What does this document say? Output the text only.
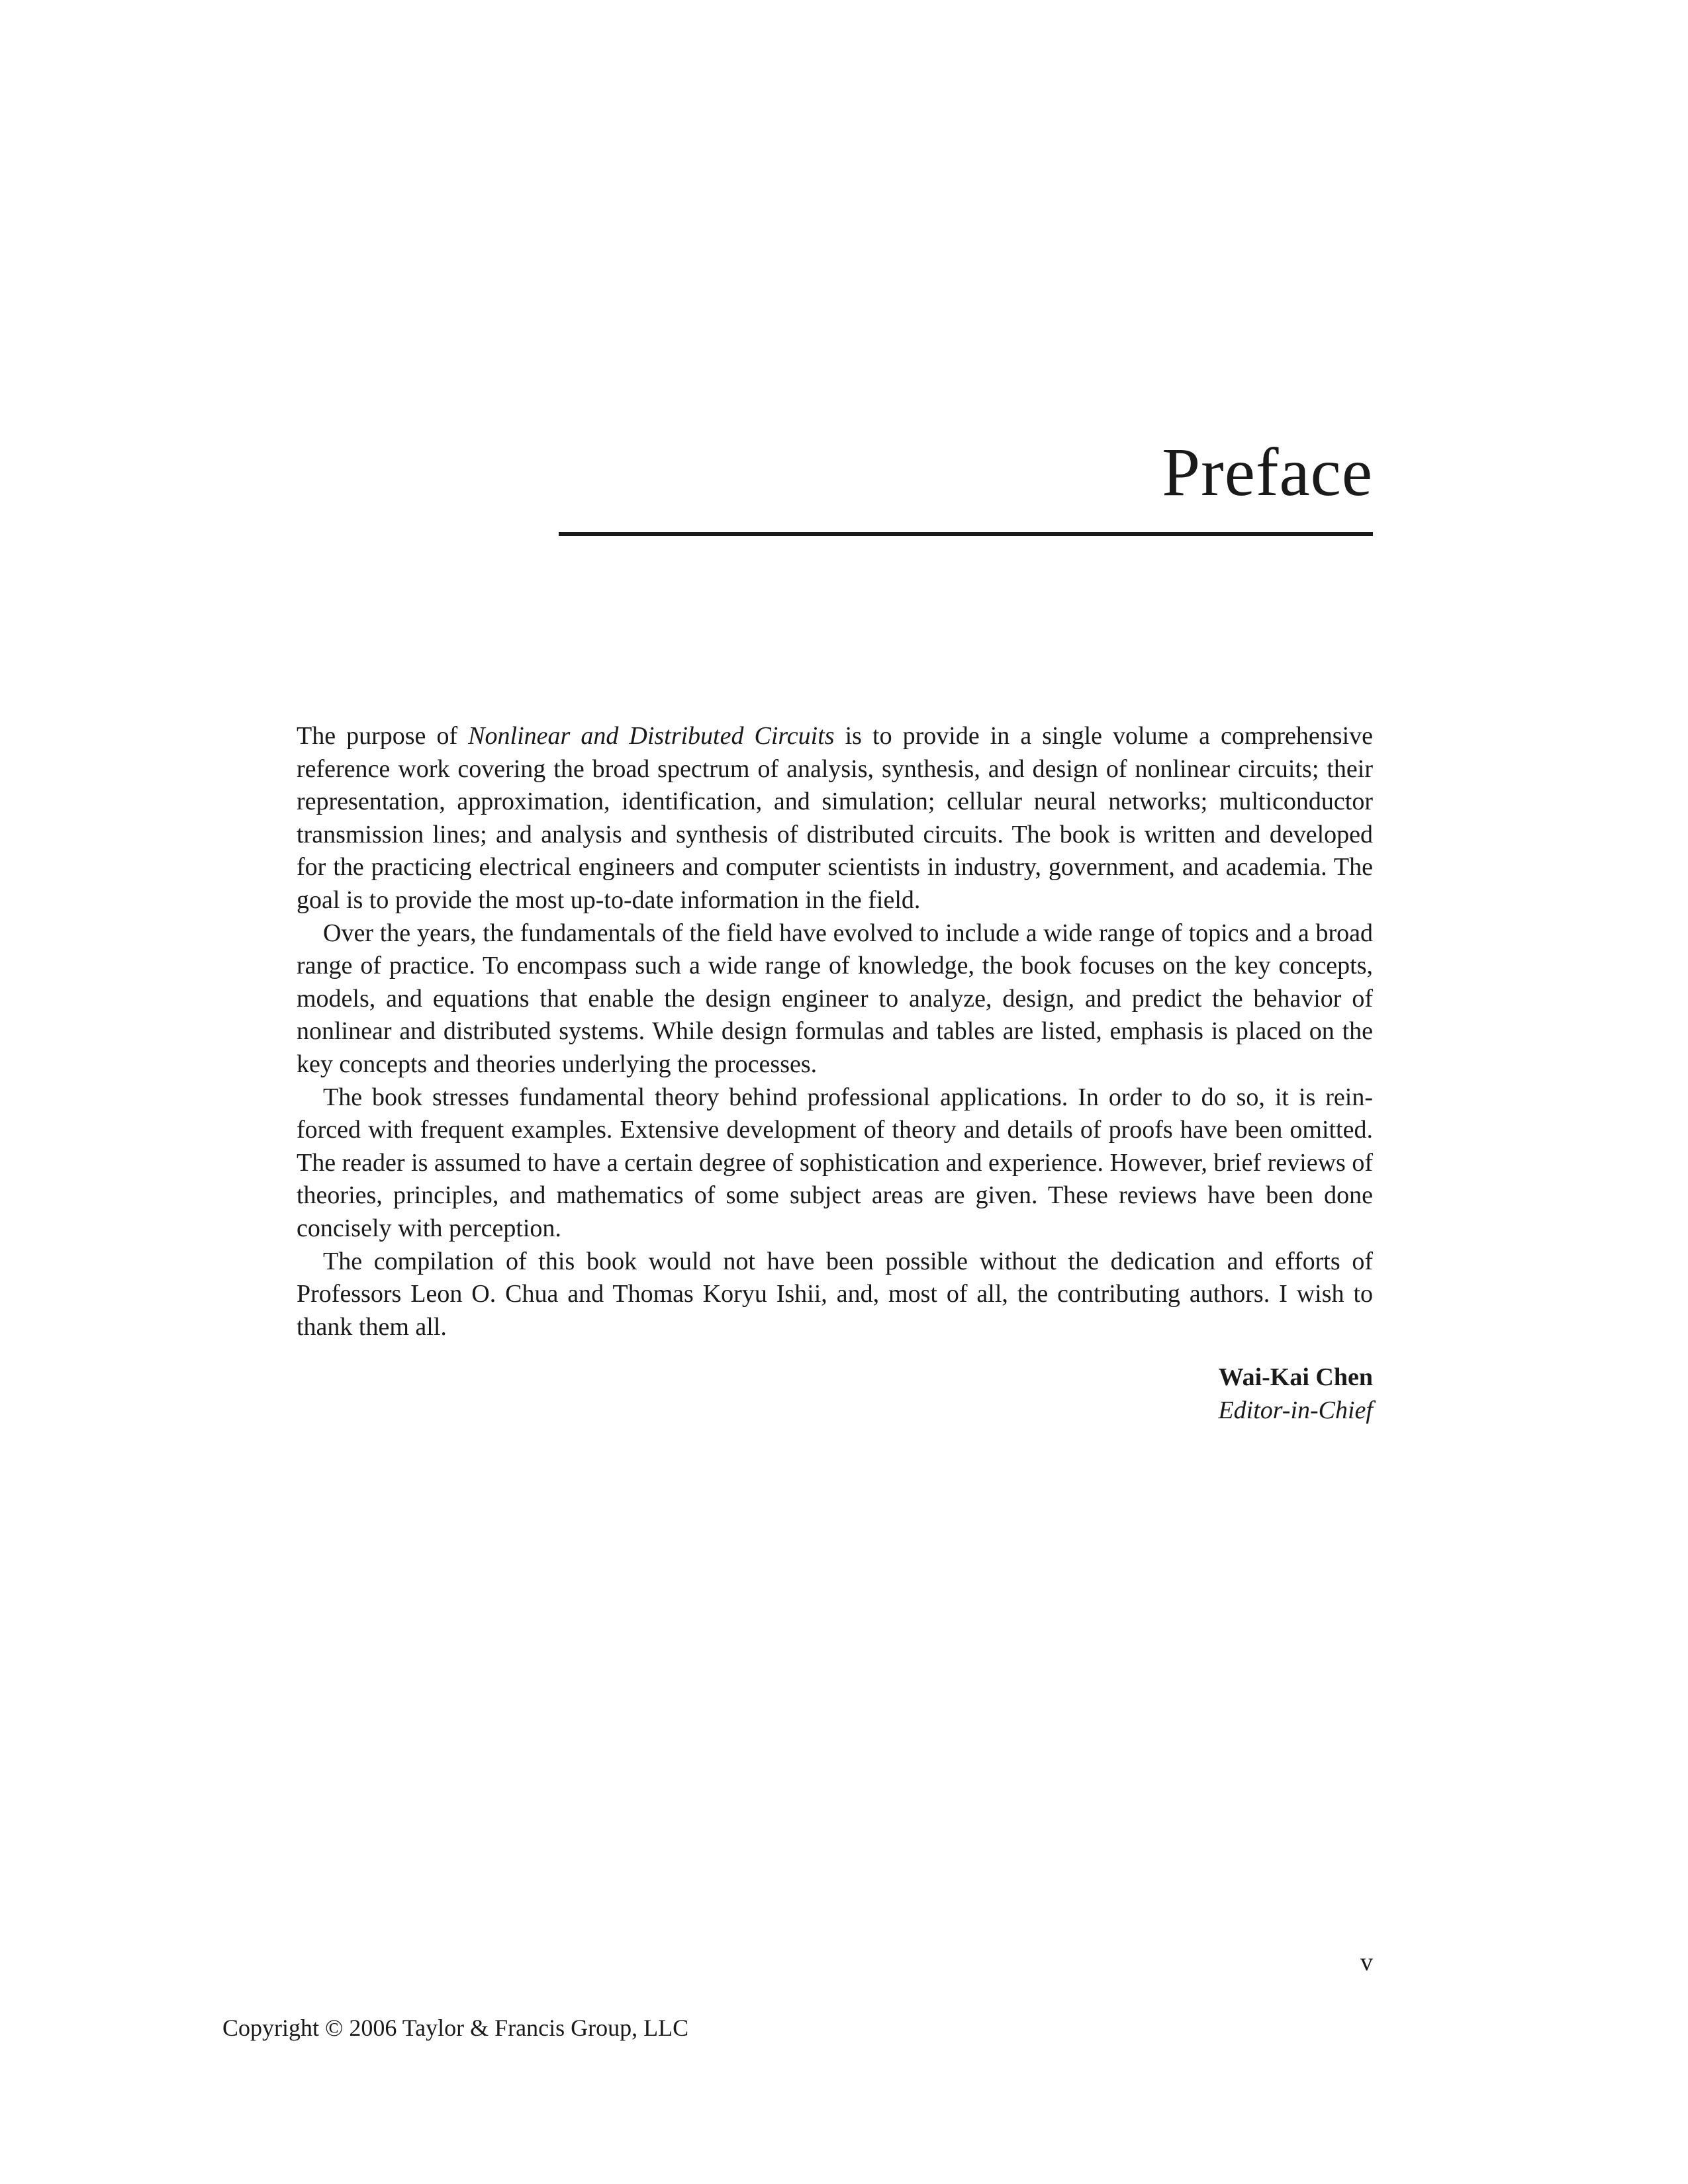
Preface

The purpose of Nonlinear and Distributed Circuits is to provide in a single volume a comprehensive reference work covering the broad spectrum of analysis, synthesis, and design of nonlinear circuits; their representation, approximation, identification, and simulation; cellular neural networks; multiconductor transmission lines; and analysis and synthesis of distributed circuits. The book is written and developed for the practicing electrical engineers and computer scientists in industry, government, and academia. The goal is to provide the most up-to-date information in the field.

Over the years, the fundamentals of the field have evolved to include a wide range of topics and a broad range of practice. To encompass such a wide range of knowledge, the book focuses on the key concepts, models, and equations that enable the design engineer to analyze, design, and predict the behavior of nonlinear and distributed systems. While design formulas and tables are listed, emphasis is placed on the key concepts and theories underlying the processes.

The book stresses fundamental theory behind professional applications. In order to do so, it is rein-forced with frequent examples. Extensive development of theory and details of proofs have been omitted. The reader is assumed to have a certain degree of sophistication and experience. However, brief reviews of theories, principles, and mathematics of some subject areas are given. These reviews have been done concisely with perception.

The compilation of this book would not have been possible without the dedication and efforts of Professors Leon O. Chua and Thomas Koryu Ishii, and, most of all, the contributing authors. I wish to thank them all.

Wai-Kai Chen
Editor-in-Chief
v
Copyright © 2006 Taylor & Francis Group, LLC
